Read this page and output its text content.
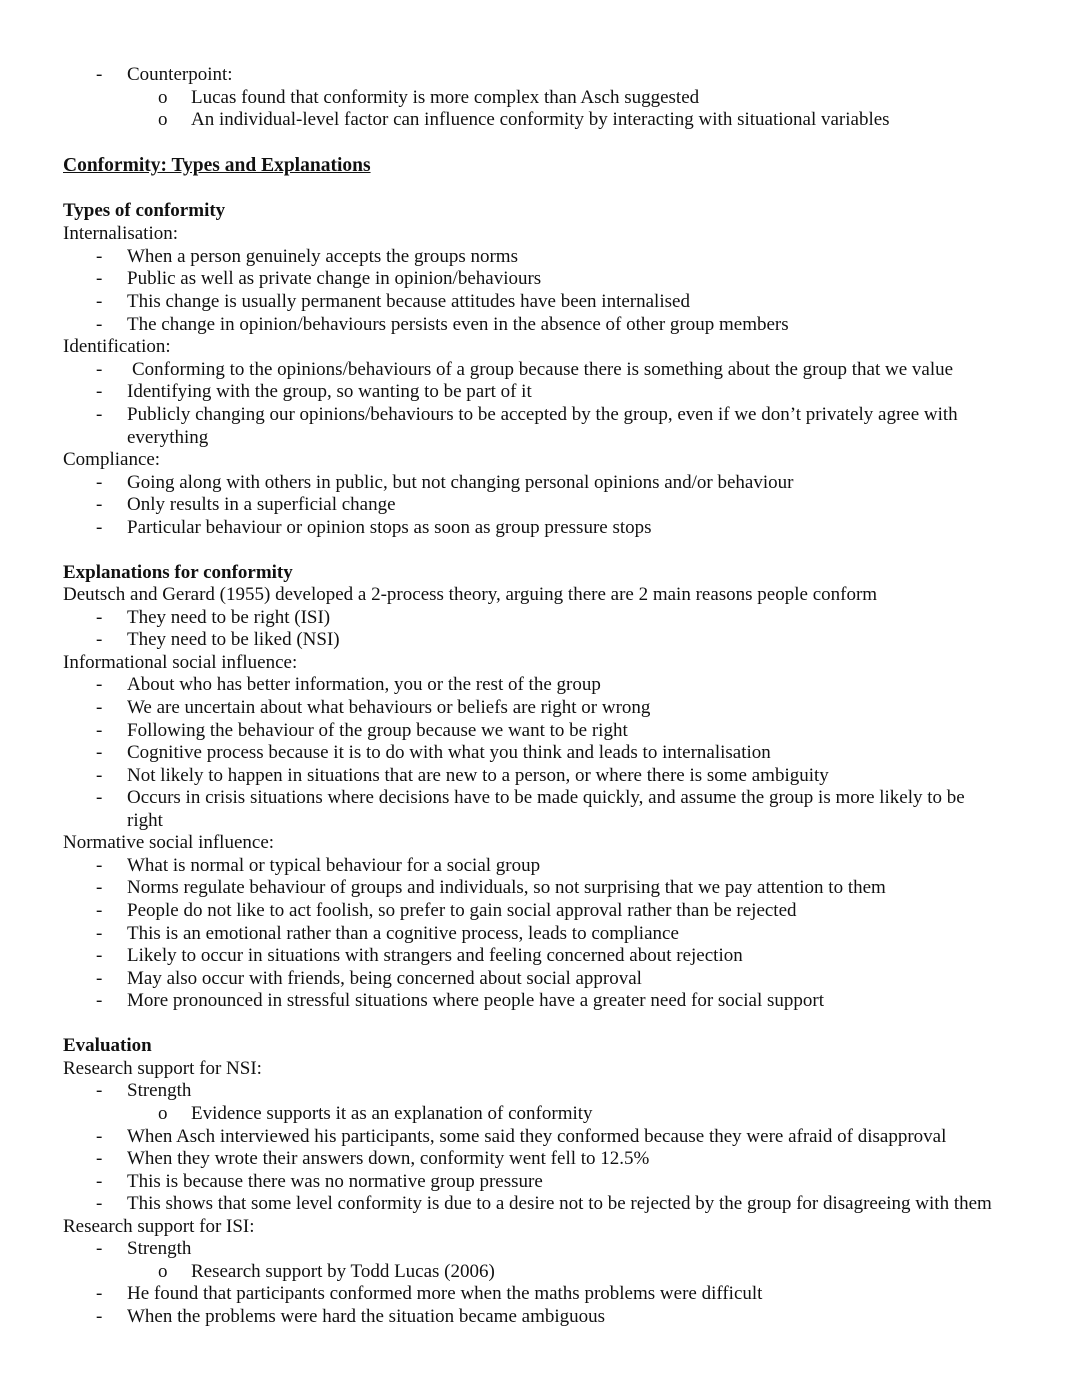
- Counterpoint:
o Lucas found that conformity is more complex than Asch suggested
o An individual-level factor can influence conformity by interacting with situational variables
Conformity: Types and Explanations
Types of conformity
Internalisation:
- When a person genuinely accepts the groups norms
- Public as well as private change in opinion/behaviours
- This change is usually permanent because attitudes have been internalised
- The change in opinion/behaviours persists even in the absence of other group members
Identification:
- Conforming to the opinions/behaviours of a group because there is something about the group that we value
- Identifying with the group, so wanting to be part of it
- Publicly changing our opinions/behaviours to be accepted by the group, even if we don’t privately agree with
everything
Compliance:
- Going along with others in public, but not changing personal opinions and/or behaviour
- Only results in a superficial change
- Particular behaviour or opinion stops as soon as group pressure stops
Explanations for conformity
Deutsch and Gerard (1955) developed a 2-process theory, arguing there are 2 main reasons people conform
- They need to be right (ISI)
- They need to be liked (NSI)
Informational social influence:
- About who has better information, you or the rest of the group
- We are uncertain about what behaviours or beliefs are right or wrong
- Following the behaviour of the group because we want to be right
- Cognitive process because it is to do with what you think and leads to internalisation
- Not likely to happen in situations that are new to a person, or where there is some ambiguity
- Occurs in crisis situations where decisions have to be made quickly, and assume the group is more likely to be
right
Normative social influence:
- What is normal or typical behaviour for a social group
- Norms regulate behaviour of groups and individuals, so not surprising that we pay attention to them
- People do not like to act foolish, so prefer to gain social approval rather than be rejected
- This is an emotional rather than a cognitive process, leads to compliance
- Likely to occur in situations with strangers and feeling concerned about rejection
- May also occur with friends, being concerned about social approval
- More pronounced in stressful situations where people have a greater need for social support
Evaluation
Research support for NSI:
- Strength
o Evidence supports it as an explanation of conformity
- When Asch interviewed his participants, some said they conformed because they were afraid of disapproval
- When they wrote their answers down, conformity went fell to 12.5%
- This is because there was no normative group pressure
- This shows that some level conformity is due to a desire not to be rejected by the group for disagreeing with them
Research support for ISI:
- Strength
o Research support by Todd Lucas (2006)
- He found that participants conformed more when the maths problems were difficult
- When the problems were hard the situation became ambiguous
